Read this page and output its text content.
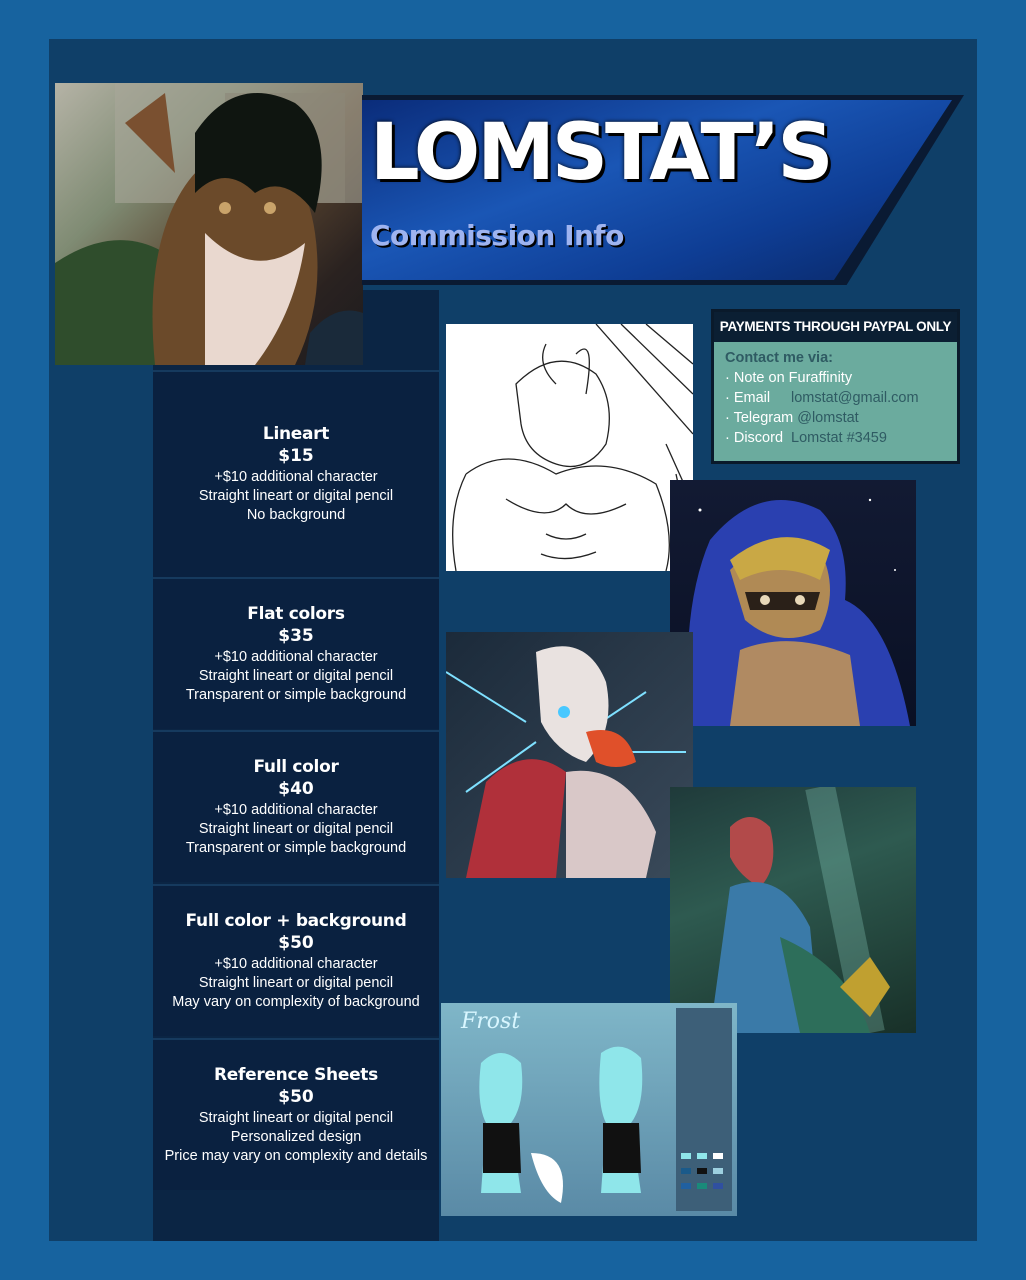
LOMSTAT’S
Commission Info
Lineart
$15
+$10 additional character
Straight lineart or digital pencil
No background
Flat colors
$35
+$10 additional character
Straight lineart or digital pencil
Transparent or simple background
Full color
$40
+$10 additional character
Straight lineart or digital pencil
Transparent or simple background
Full color + background
$50
+$10 additional character
Straight lineart or digital pencil
May vary on complexity of background
Reference Sheets
$50
Straight lineart or digital pencil
Personalized design
Price may vary on complexity and details
PAYMENTS THROUGH PAYPAL ONLY
Contact me via:
· Note on Furaffinity
· Email	lomstat@gmail.com
· Telegram @lomstat
· Discord Lomstat #3459
Frost
